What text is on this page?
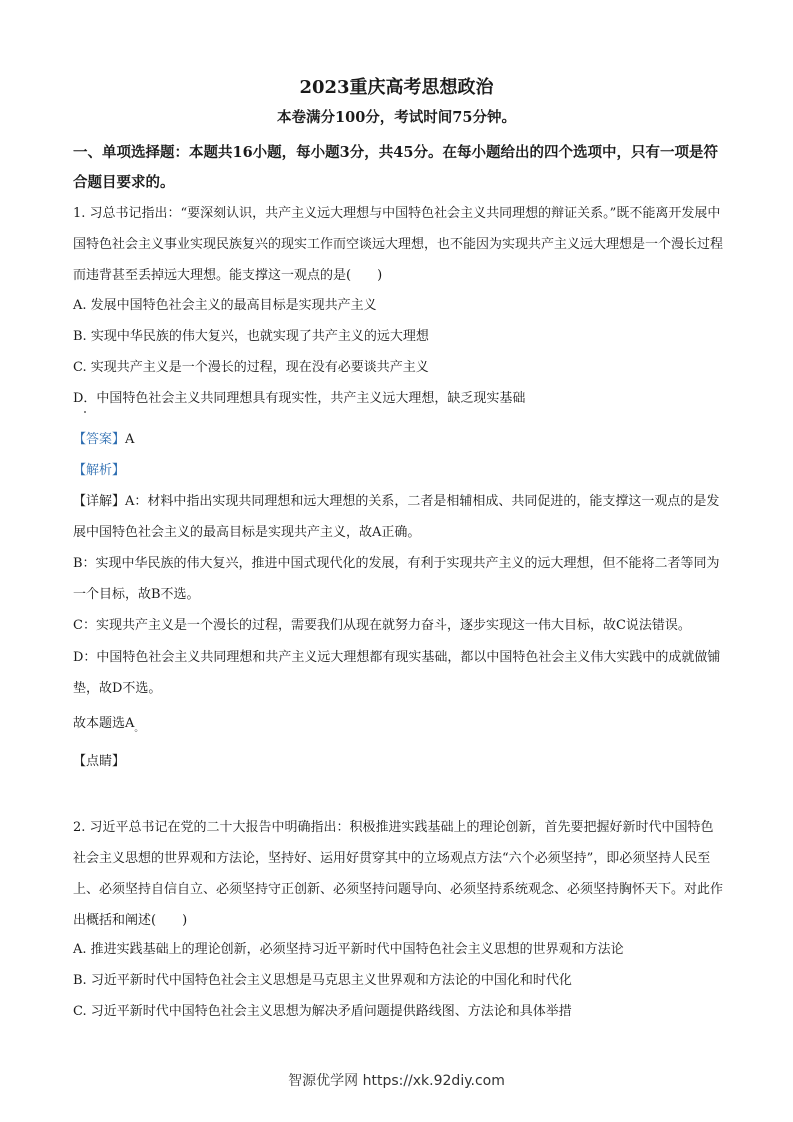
2023重庆高考思想政治
本卷满分100分，考试时间75分钟。
一、单项选择题：本题共16小题，每小题3分，共45分。在每小题给出的四个选项中，只有一项是符合题目要求的。
1. 习总书记指出：“要深刻认识，共产主义远大理想与中国特色社会主义共同理想的辩证关系。”既不能离开发展中国特色社会主义事业实现民族复兴的现实工作而空谈远大理想，也不能因为实现共产主义远大理想是一个漫长过程而违背甚至丢掉远大理想。能支撑这一观点的是(　　)
A. 发展中国特色社会主义的最高目标是实现共产主义
B. 实现中华民族的伟大复兴，也就实现了共产主义的远大理想
C. 实现共产主义是一个漫长的过程，现在没有必要谈共产主义
D．中国特色社会主义共同理想具有现实性，共产主义远大理想，缺乏现实基础
【答案】A
【解析】
【详解】A：材料中指出实现共同理想和远大理想的关系，二者是相辅相成、共同促进的，能支撑这一观点的是发展中国特色社会主义的最高目标是实现共产主义，故A正确。
B：实现中华民族的伟大复兴，推进中国式现代化的发展，有利于实现共产主义的远大理想，但不能将二者等同为一个目标，故B不选。
C：实现共产主义是一个漫长的过程，需要我们从现在就努力奋斗，逐步实现这一伟大目标，故C说法错误。
D：中国特色社会主义共同理想和共产主义远大理想都有现实基础，都以中国特色社会主义伟大实践中的成就做铺垫，故D不选。
故本题选$A_。$
【点睛】
2. 习近平总书记在党的二十大报告中明确指出：积极推进实践基础上的理论创新，首先要把握好新时代中国特色社会主义思想的世界观和方法论，坚持好、运用好贯穿其中的立场观点方法“六个必须坚持”，即必须坚持人民至上、必须坚持自信自立、必须坚持守正创新、必须坚持问题导向、必须坚持系统观念、必须坚持胸怀天下。对此作出概括和阐述(　　)
A. 推进实践基础上的理论创新，必须坚持习近平新时代中国特色社会主义思想的世界观和方法论
B. 习近平新时代中国特色社会主义思想是马克思主义世界观和方法论的中国化和时代化
C. 习近平新时代中国特色社会主义思想为解决矛盾问题提供路线图、方法论和具体举措
智源优学网 https://xk.92diy.com
